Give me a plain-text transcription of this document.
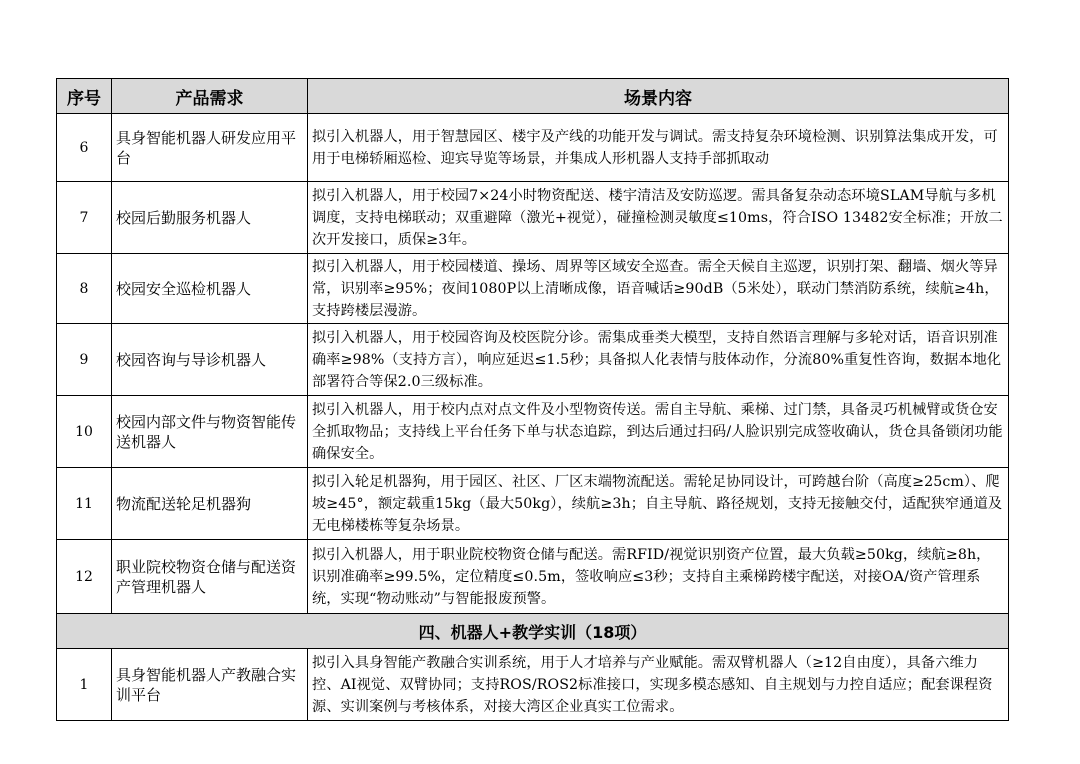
序号	产品需求	场景内容
6	具身智能机器人研发应用平台	拟引入机器人，用于智慧园区、楼宇及产线的功能开发与调试。需支持复杂环境检测、识别算法集成开发，可用于电梯轿厢巡检、迎宾导览等场景，并集成人形机器人支持手部抓取动

7	校园后勤服务机器人	拟引入机器人，用于校园7×24小时物资配送、楼宇清洁及安防巡逻。需具备复杂动态环境SLAM导航与多机调度，支持电梯联动；双重避障（激光+视觉），碰撞检测灵敏度≤10ms，符合ISO 13482安全标准；开放二次开发接口，质保≥3年。
8	校园安全巡检机器人	拟引入机器人，用于校园楼道、操场、周界等区域安全巡查。需全天候自主巡逻，识别打架、翻墙、烟火等异常，识别率≥95%；夜间1080P以上清晰成像，语音喊话≥90dB（5米处），联动门禁消防系统，续航≥4h，支持跨楼层漫游。
9	校园咨询与导诊机器人	拟引入机器人，用于校园咨询及校医院分诊。需集成垂类大模型，支持自然语言理解与多轮对话，语音识别准确率≥98%（支持方言），响应延迟≤1.5秒；具备拟人化表情与肢体动作，分流80%重复性咨询，数据本地化部署符合等保2.0三级标准。
10	校园内部文件与物资智能传送机器人	拟引入机器人，用于校内点对点文件及小型物资传送。需自主导航、乘梯、过门禁，具备灵巧机械臂或货仓安全抓取物品；支持线上平台任务下单与状态追踪，到达后通过扫码/人脸识别完成签收确认，货仓具备锁闭功能确保安全。
11	物流配送轮足机器狗	拟引入轮足机器狗，用于园区、社区、厂区末端物流配送。需轮足协同设计，可跨越台阶（高度≥25cm）、爬坡≥45°，额定载重15kg（最大50kg），续航≥3h；自主导航、路径规划，支持无接触交付，适配狭窄通道及无电梯楼栋等复杂场景。
12	职业院校物资仓储与配送资产管理机器人	拟引入机器人，用于职业院校物资仓储与配送。需RFID/视觉识别资产位置，最大负载≥50kg，续航≥8h，识别准确率≥99.5%，定位精度≤0.5m，签收响应≤3秒；支持自主乘梯跨楼宇配送，对接OA/资产管理系统，实现“物动账动”与智能报废预警。
四、机器人+教学实训（18项）		
1	具身智能机器人产教融合实训平台	拟引入具身智能产教融合实训系统，用于人才培养与产业赋能。需双臂机器人（≥12自由度），具备六维力控、AI视觉、双臂协同；支持ROS/ROS2标准接口，实现多模态感知、自主规划与力控自适应；配套课程资源、实训案例与考核体系，对接大湾区企业真实工位需求。
